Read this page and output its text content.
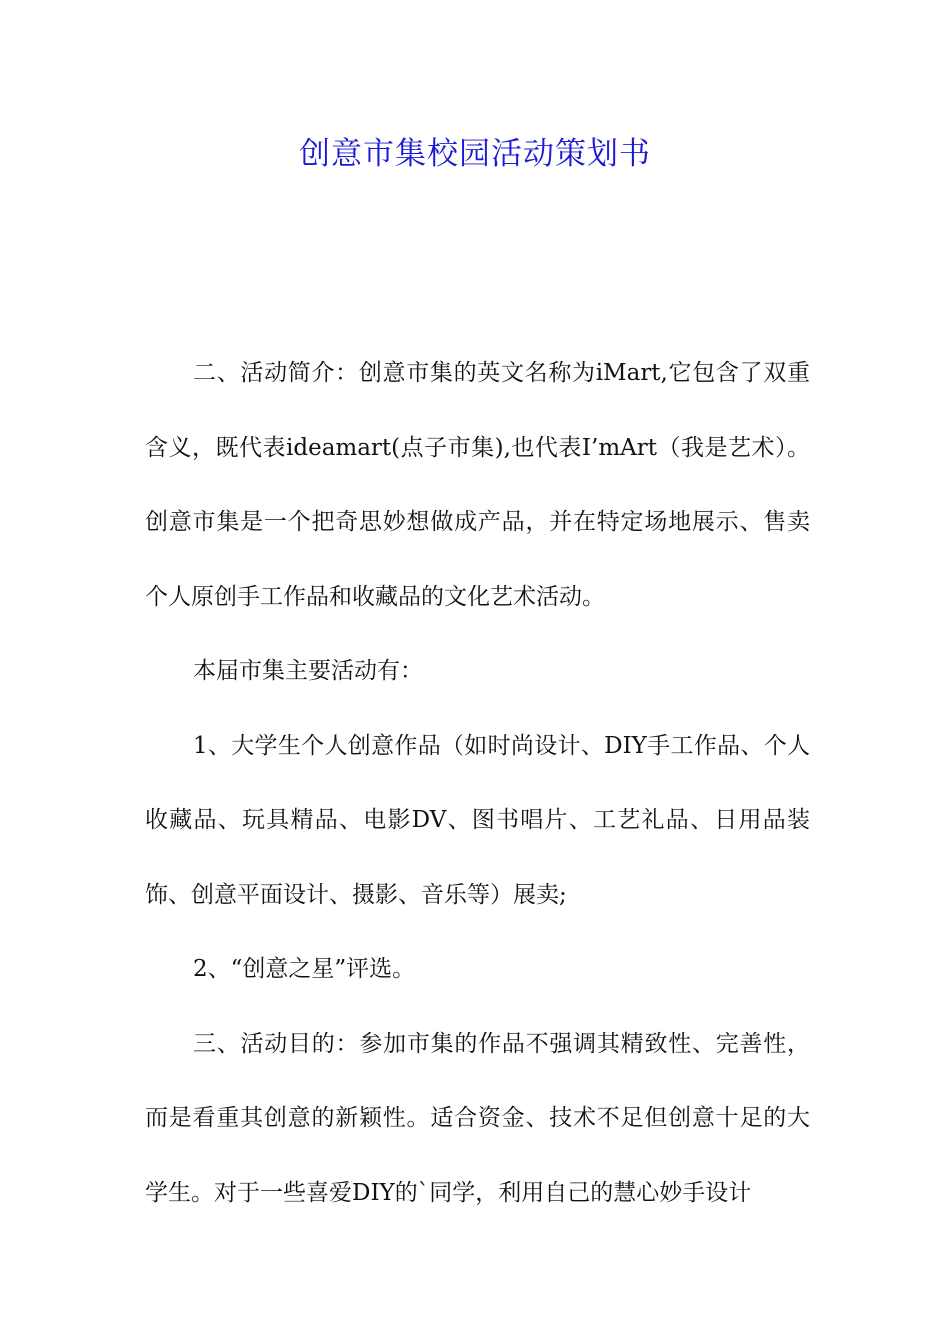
创意市集校园活动策划书

二、活动简介：创意市集的英文名称为iMart,它包含了双重含义，既代表ideamart(点子市集),也代表I’mArt（我是艺术）。创意市集是一个把奇思妙想做成产品，并在特定场地展示、售卖个人原创手工作品和收藏品的文化艺术活动。

本届市集主要活动有：

1、大学生个人创意作品（如时尚设计、DIY手工作品、个人收藏品、玩具精品、电影DV、图书唱片、工艺礼品、日用品装饰、创意平面设计、摄影、音乐等）展卖;

2、“创意之星”评选。

三、活动目的：参加市集的作品不强调其精致性、完善性，而是看重其创意的新颖性。适合资金、技术不足但创意十足的大学生。对于一些喜爱DIY的`同学，利用自己的慧心妙手设计
